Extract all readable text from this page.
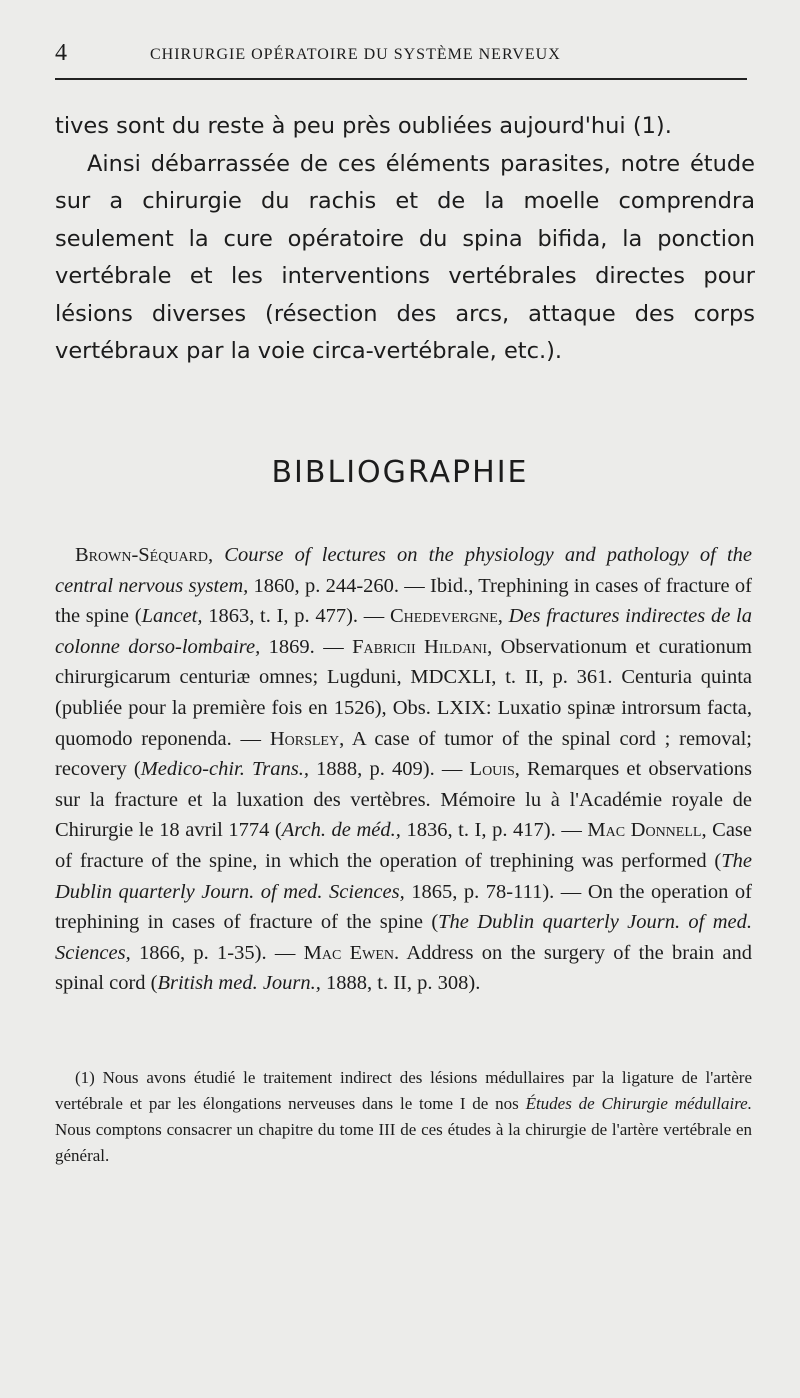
4	CHIRURGIE OPÉRATOIRE DU SYSTÈME NERVEUX

tives sont du reste à peu près oubliées aujourd'hui (1).

Ainsi débarrassée de ces éléments parasites, notre étude sur a chirurgie du rachis et de la moelle comprendra seulement la cure opératoire du spina bifida, la ponction vertébrale et les interventions vertébrales directes pour lésions diverses (résection des arcs, attaque des corps vertébraux par la voie circa-vertébrale, etc.).

BIBLIOGRAPHIE

Brown-Séquard, Course of lectures on the physiology and pathology of the central nervous system, 1860, p. 244-260. — Ibid., Trephining in cases of fracture of the spine (Lancet, 1863, t. I, p. 477). — Chedevergne, Des fractures indirectes de la colonne dorso-lombaire, 1869. — Fabricii Hildani, Observationum et curationum chirurgicarum centuriæ omnes; Lugduni, MDCXLI, t. II, p. 361. Centuria quinta (publiée pour la première fois en 1526), Obs. LXIX: Luxatio spinæ introrsum facta, quomodo reponenda. — Horsley, A case of tumor of the spinal cord ; removal; recovery (Medico-chir. Trans., 1888, p. 409). — Louis, Remarques et observations sur la fracture et la luxation des vertèbres. Mémoire lu à l'Académie royale de Chirurgie le 18 avril 1774 (Arch. de méd., 1836, t. I, p. 417). — Mac Donnell, Case of fracture of the spine, in which the operation of trephining was performed (The Dublin quarterly Journ. of med. Sciences, 1865, p. 78-111). — On the operation of trephining in cases of fracture of the spine (The Dublin quarterly Journ. of med. Sciences, 1866, p. 1-35). — Mac Ewen. Address on the surgery of the brain and spinal cord (British med. Journ., 1888, t. II, p. 308).

(1) Nous avons étudié le traitement indirect des lésions médullaires par la ligature de l'artère vertébrale et par les élongations nerveuses dans le tome I de nos Études de Chirurgie médullaire. Nous comptons consacrer un chapitre du tome III de ces études à la chirurgie de l'artère vertébrale en général.
